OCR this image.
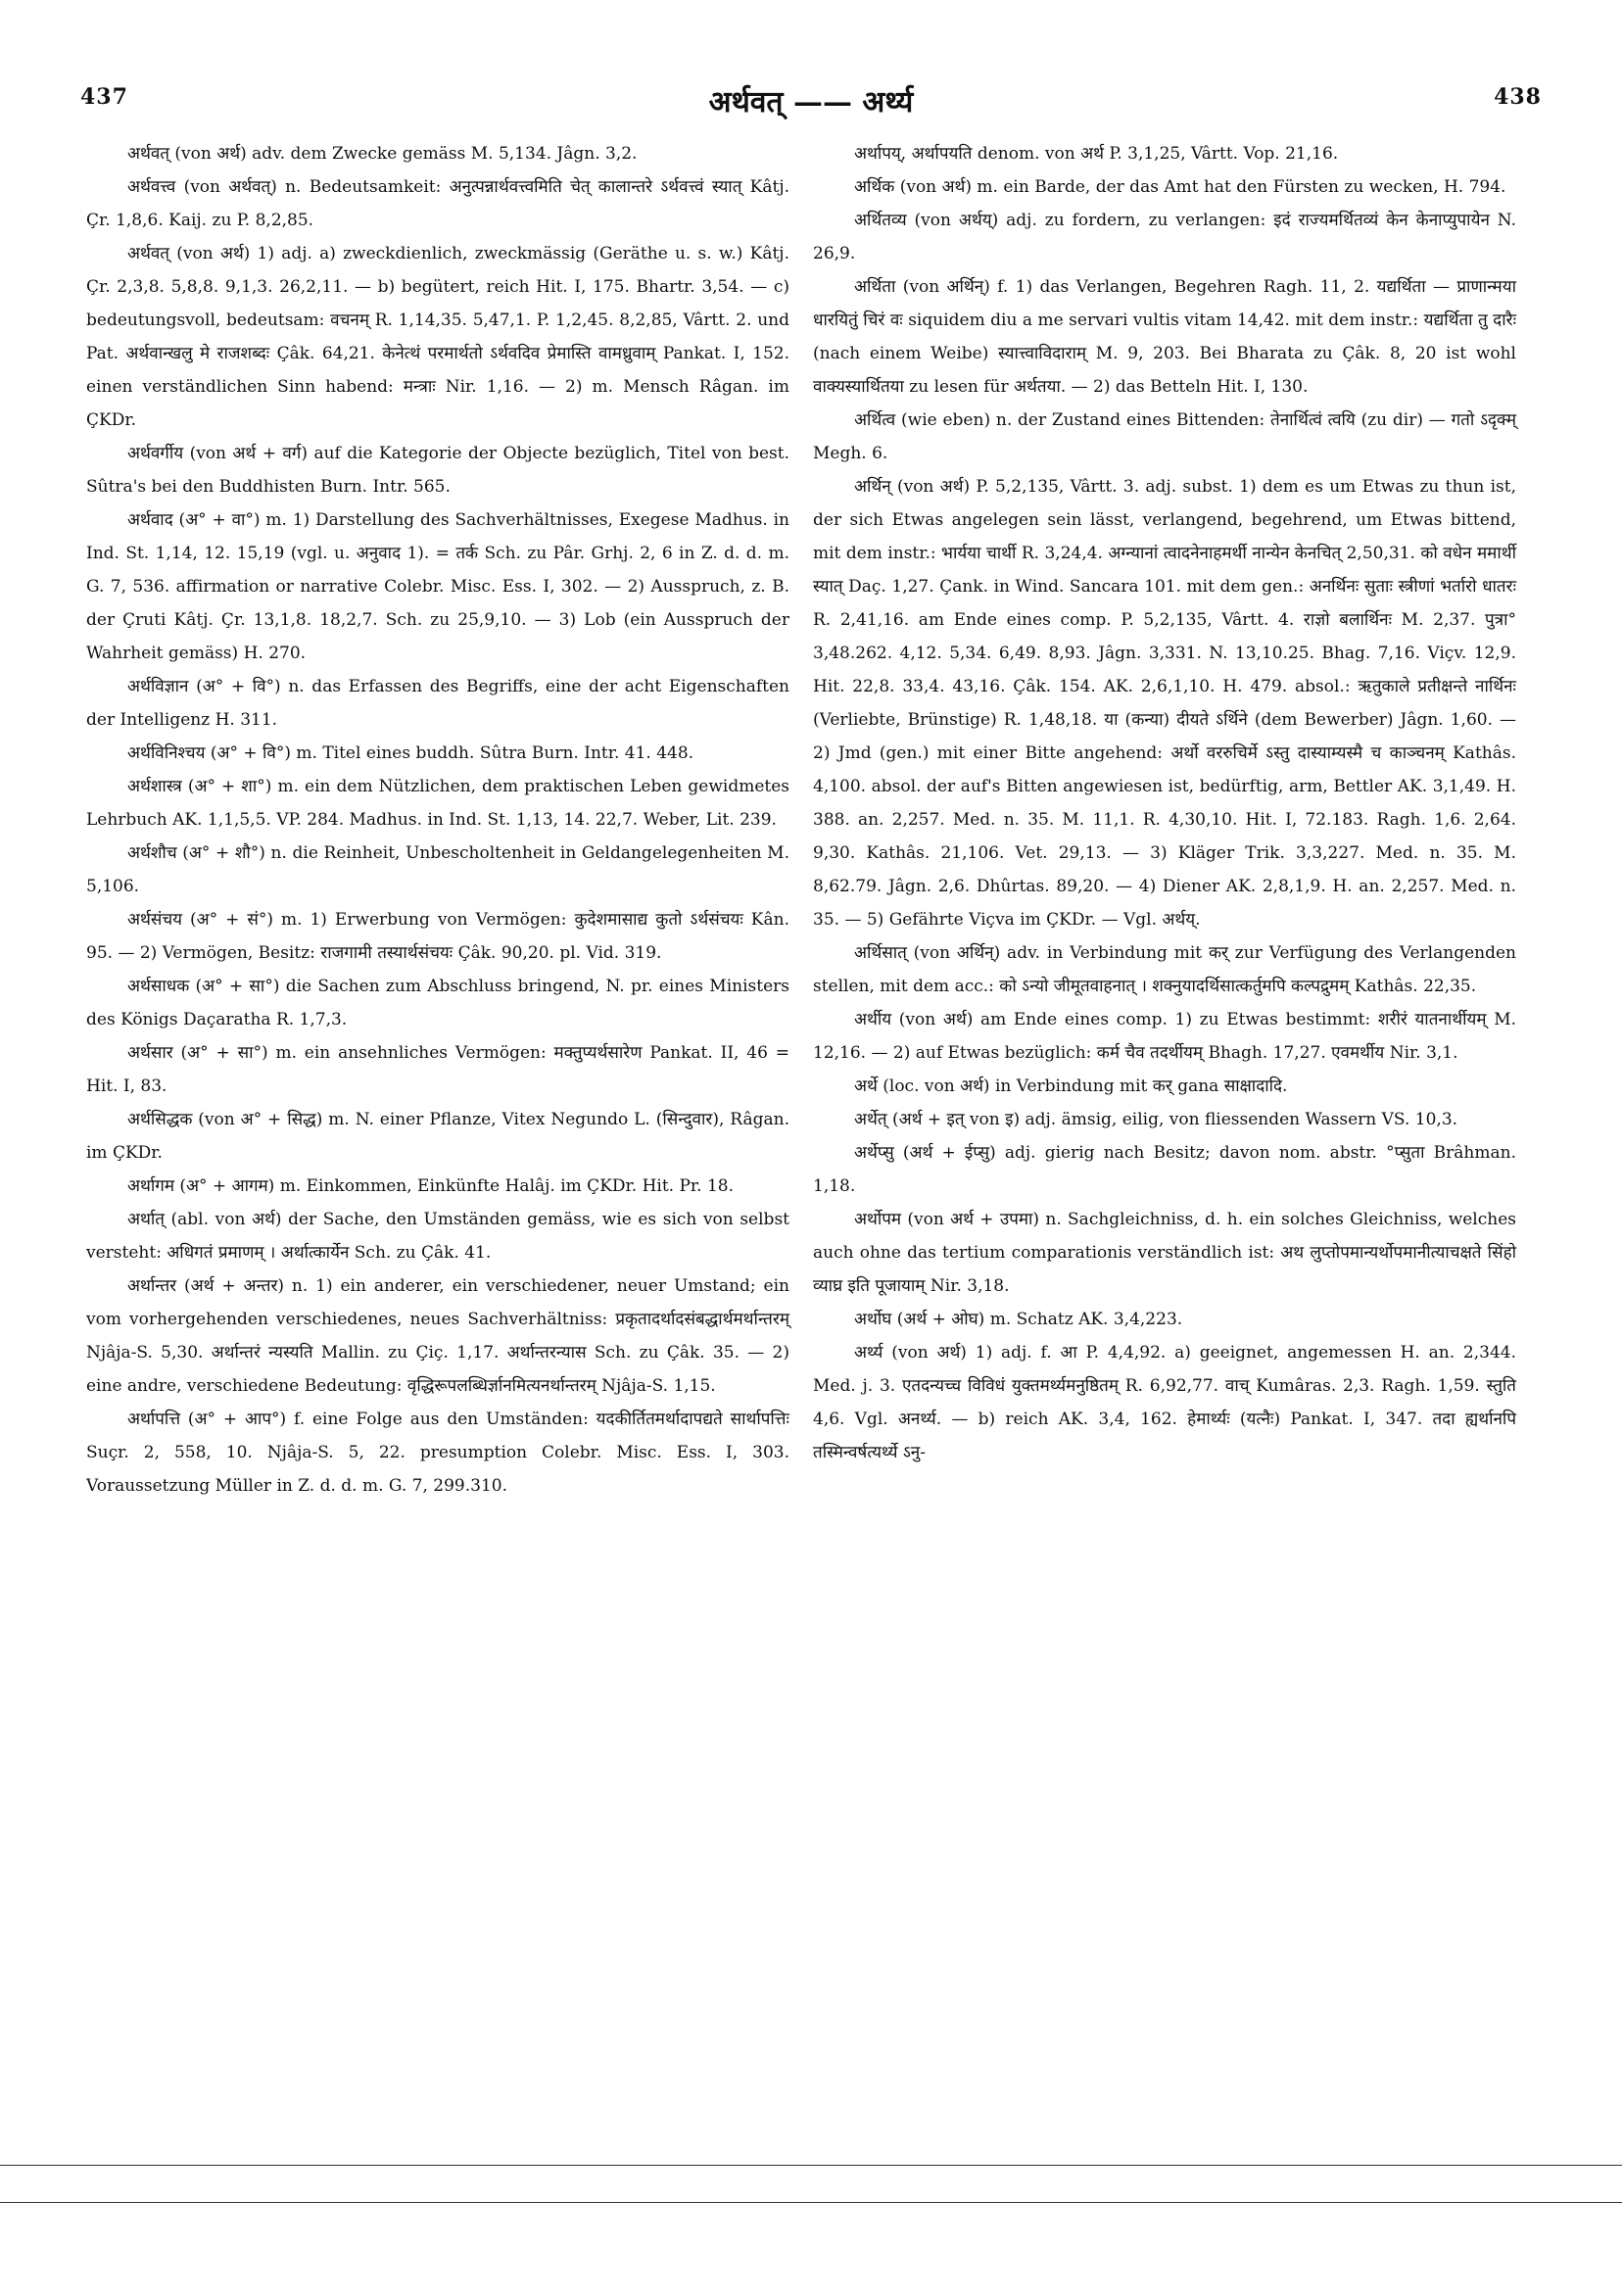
437	अर्थवत् —— अर्थ्य	438

अर्थवत् (von अर्थ) adv. dem Zwecke gemäss M. 5,134. Jâgn. 3,2.

अर्थवत्त्व (von अर्थवत्) n. Bedeutsamkeit: अनुत्पन्नार्थवत्त्वमिति चेत् कालान्तरे ऽर्थवत्त्वं स्यात् Kâtj. Çr. 1,8,6. Kaij. zu P. 8,2,85.

अर्थवत् (von अर्थ) 1) adj. a) zweckdienlich, zweckmässig (Geräthe u. s. w.) Kâtj. Çr. 2,3,8. 5,8,8. 9,1,3. 26,2,11. — b) begütert, reich Hit. I, 175. Bhartr. 3,54. — c) bedeutungsvoll, bedeutsam: वचनम् R. 1,14,35. 5,47,1. P. 1,2,45. 8,2,85, Vârtt. 2. und Pat. अर्थवान्खलु मे राजशब्दः Çâk. 64,21. केनेत्थं परमार्थतो ऽर्थवदिव प्रेमास्ति वामध्रुवाम् Pankat. I, 152. einen verständlichen Sinn habend: मन्त्राः Nir. 1,16. — 2) m. Mensch Râgan. im ÇKDr.

अर्थवर्गीय (von अर्थ + वर्ग) auf die Kategorie der Objecte bezüglich, Titel von best. Sûtra's bei den Buddhisten Burn. Intr. 565.

अर्थवाद (अ° + वा°) m. 1) Darstellung des Sachverhältnisses, Exegese Madhus. in Ind. St. 1,14, 12. 15,19 (vgl. u. अनुवाद 1). = तर्क Sch. zu Pâr. Grhj. 2, 6 in Z. d. d. m. G. 7, 536. affirmation or narrative Colebr. Misc. Ess. I, 302. — 2) Ausspruch, z. B. der Çruti Kâtj. Çr. 13,1,8. 18,2,7. Sch. zu 25,9,10. — 3) Lob (ein Ausspruch der Wahrheit gemäss) H. 270.

अर्थविज्ञान (अ° + वि°) n. das Erfassen des Begriffs, eine der acht Eigenschaften der Intelligenz H. 311.

अर्थविनिश्चय (अ° + वि°) m. Titel eines buddh. Sûtra Burn. Intr. 41. 448.

अर्थशास्त्र (अ° + शा°) m. ein dem Nützlichen, dem praktischen Leben gewidmetes Lehrbuch AK. 1,1,5,5. VP. 284. Madhus. in Ind. St. 1,13, 14. 22,7. Weber, Lit. 239.

अर्थशौच (अ° + शौ°) n. die Reinheit, Unbescholtenheit in Geldangelegenheiten M. 5,106.

अर्थसंचय (अ° + सं°) m. 1) Erwerbung von Vermögen: कुदेशमासाद्य कुतो ऽर्थसंचयः Kân. 95. — 2) Vermögen, Besitz: राजगामी तस्यार्थसंचयः Çâk. 90,20. pl. Vid. 319.

अर्थसाधक (अ° + सा°) die Sachen zum Abschluss bringend, N. pr. eines Ministers des Königs Daçaratha R. 1,7,3.

अर्थसार (अ° + सा°) m. ein ansehnliches Vermögen: मक्तुप्यर्थसारेण Pankat. II, 46 = Hit. I, 83.

अर्थसिद्धक (von अ° + सिद्ध) m. N. einer Pflanze, Vitex Negundo L. (सिन्दुवार), Râgan. im ÇKDr.

अर्थागम (अ° + आगम) m. Einkommen, Einkünfte Halâj. im ÇKDr. Hit. Pr. 18.

अर्थात् (abl. von अर्थ) der Sache, den Umständen gemäss, wie es sich von selbst versteht: अधिगतं प्रमाणम् । अर्थात्कार्येन Sch. zu Çâk. 41.

अर्थान्तर (अर्थ + अन्तर) n. 1) ein anderer, ein verschiedener, neuer Umstand; ein vom vorhergehenden verschiedenes, neues Sachverhältniss: प्रकृतादर्थादसंबद्धार्थमर्थान्तरम् Njâja-S. 5,30. अर्थान्तरं न्यस्यति Mallin. zu Çiç. 1,17. अर्थान्तरन्यास Sch. zu Çâk. 35. — 2) eine andre, verschiedene Bedeutung: वृद्धिरूपलब्धिर्ज्ञानमित्यनर्थान्तरम् Njâja-S. 1,15.

अर्थापत्ति (अ° + आप°) f. eine Folge aus den Umständen: यदकीर्तितमर्थादापद्यते सार्थापत्तिः Suçr. 2, 558, 10. Njâja-S. 5, 22. presumption Colebr. Misc. Ess. I, 303. Voraussetzung Müller in Z. d. d. m. G. 7, 299.310.

अर्थापय्, अर्थापयति denom. von अर्थ P. 3,1,25, Vârtt. Vop. 21,16.

अर्थिक (von अर्थ) m. ein Barde, der das Amt hat den Fürsten zu wecken, H. 794.

अर्थितव्य (von अर्थय्) adj. zu fordern, zu verlangen: इदं राज्यमर्थितव्यं केन केनाप्युपायेन N. 26,9.

अर्थिता (von अर्थिन्) f. 1) das Verlangen, Begehren Ragh. 11, 2. यद्यर्थिता — प्राणान्मया धारयितुं चिरं वः siquidem diu a me servari vultis vitam 14,42. mit dem instr.: यद्यर्थिता तु दारैः (nach einem Weibe) स्यात्त्वाविदाराम् M. 9, 203. Bei Bharata zu Çâk. 8, 20 ist wohl वाक्यस्यार्थितया zu lesen für अर्थतया. — 2) das Betteln Hit. I, 130.

अर्थित्व (wie eben) n. der Zustand eines Bittenden: तेनार्थित्वं त्वयि (zu dir) — गतो ऽदृक्म् Megh. 6.

अर्थिन् (von अर्थ) P. 5,2,135, Vârtt. 3. adj. subst. 1) dem es um Etwas zu thun ist, der sich Etwas angelegen sein lässt, verlangend, begehrend, um Etwas bittend, mit dem instr.: भार्यया चार्थी R. 3,24,4. अग्न्यानां त्वादनेनाहमर्थी नान्येन केनचित् 2,50,31. को वधेन ममार्थी स्यात् Daç. 1,27. Çank. in Wind. Sancara 101. mit dem gen.: अनर्थिनः सुताः स्त्रीणां भर्तारो धातरः R. 2,41,16. am Ende eines comp. P. 5,2,135, Vârtt. 4. राज्ञो बलार्थिनः M. 2,37. पुत्रा° 3,48.262. 4,12. 5,34. 6,49. 8,93. Jâgn. 3,331. N. 13,10.25. Bhag. 7,16. Viçv. 12,9. Hit. 22,8. 33,4. 43,16. Çâk. 154. AK. 2,6,1,10. H. 479. absol.: ऋतुकाले प्रतीक्षन्ते नार्थिनः (Verliebte, Brünstige) R. 1,48,18. या (कन्या) दीयते ऽर्थिने (dem Bewerber) Jâgn. 1,60. — 2) Jmd (gen.) mit einer Bitte angehend: अर्थो वररुचिर्मे ऽस्तु दास्याम्यस्मै च काञ्चनम् Kathâs. 4,100. absol. der auf's Bitten angewiesen ist, bedürftig, arm, Bettler AK. 3,1,49. H. 388. an. 2,257. Med. n. 35. M. 11,1. R. 4,30,10. Hit. I, 72.183. Ragh. 1,6. 2,64. 9,30. Kathâs. 21,106. Vet. 29,13. — 3) Kläger Trik. 3,3,227. Med. n. 35. M. 8,62.79. Jâgn. 2,6. Dhûrtas. 89,20. — 4) Diener AK. 2,8,1,9. H. an. 2,257. Med. n. 35. — 5) Gefährte Viçva im ÇKDr. — Vgl. अर्थय्.

अर्थिसात् (von अर्थिन्) adv. in Verbindung mit कर् zur Verfügung des Verlangenden stellen, mit dem acc.: को ऽन्यो जीमूतवाहनात् । शक्नुयादर्थिसात्कर्तुमपि कल्पद्रुमम् Kathâs. 22,35.

अर्थीय (von अर्थ) am Ende eines comp. 1) zu Etwas bestimmt: शरीरं यातनार्थीयम् M. 12,16. — 2) auf Etwas bezüglich: कर्म चैव तदर्थीयम् Bhagh. 17,27. एवमर्थीय Nir. 3,1.

अर्थे (loc. von अर्थ) in Verbindung mit कर् gana साक्षादादि.

अर्थेत् (अर्थ + इत् von इ) adj. ämsig, eilig, von fliessenden Wassern VS. 10,3.

अर्थेप्सु (अर्थ + ईप्सु) adj. gierig nach Besitz; davon nom. abstr. °प्सुता Brâhman. 1,18.

अर्थोपम (von अर्थ + उपमा) n. Sachgleichniss, d. h. ein solches Gleichniss, welches auch ohne das tertium comparationis verständlich ist: अथ लुप्तोपमान्यर्थोपमानीत्याचक्षते सिंहो व्याघ्र इति पूजायाम् Nir. 3,18.

अर्थोघ (अर्थ + ओघ) m. Schatz AK. 3,4,223.

अर्थ्य (von अर्थ) 1) adj. f. आ P. 4,4,92. a) geeignet, angemessen H. an. 2,344. Med. j. 3. एतदन्यच्च विविधं युक्तमर्थ्यमनुष्ठितम् R. 6,92,77. वाच् Kumâras. 2,3. Ragh. 1,59. स्तुति 4,6. Vgl. अनर्थ्य. — b) reich AK. 3,4, 162. हेमार्थ्यः (यत्नैः) Pankat. I, 347. तदा ह्यर्थानपि तस्मिन्वर्षत्यर्थ्ये ऽनु-
